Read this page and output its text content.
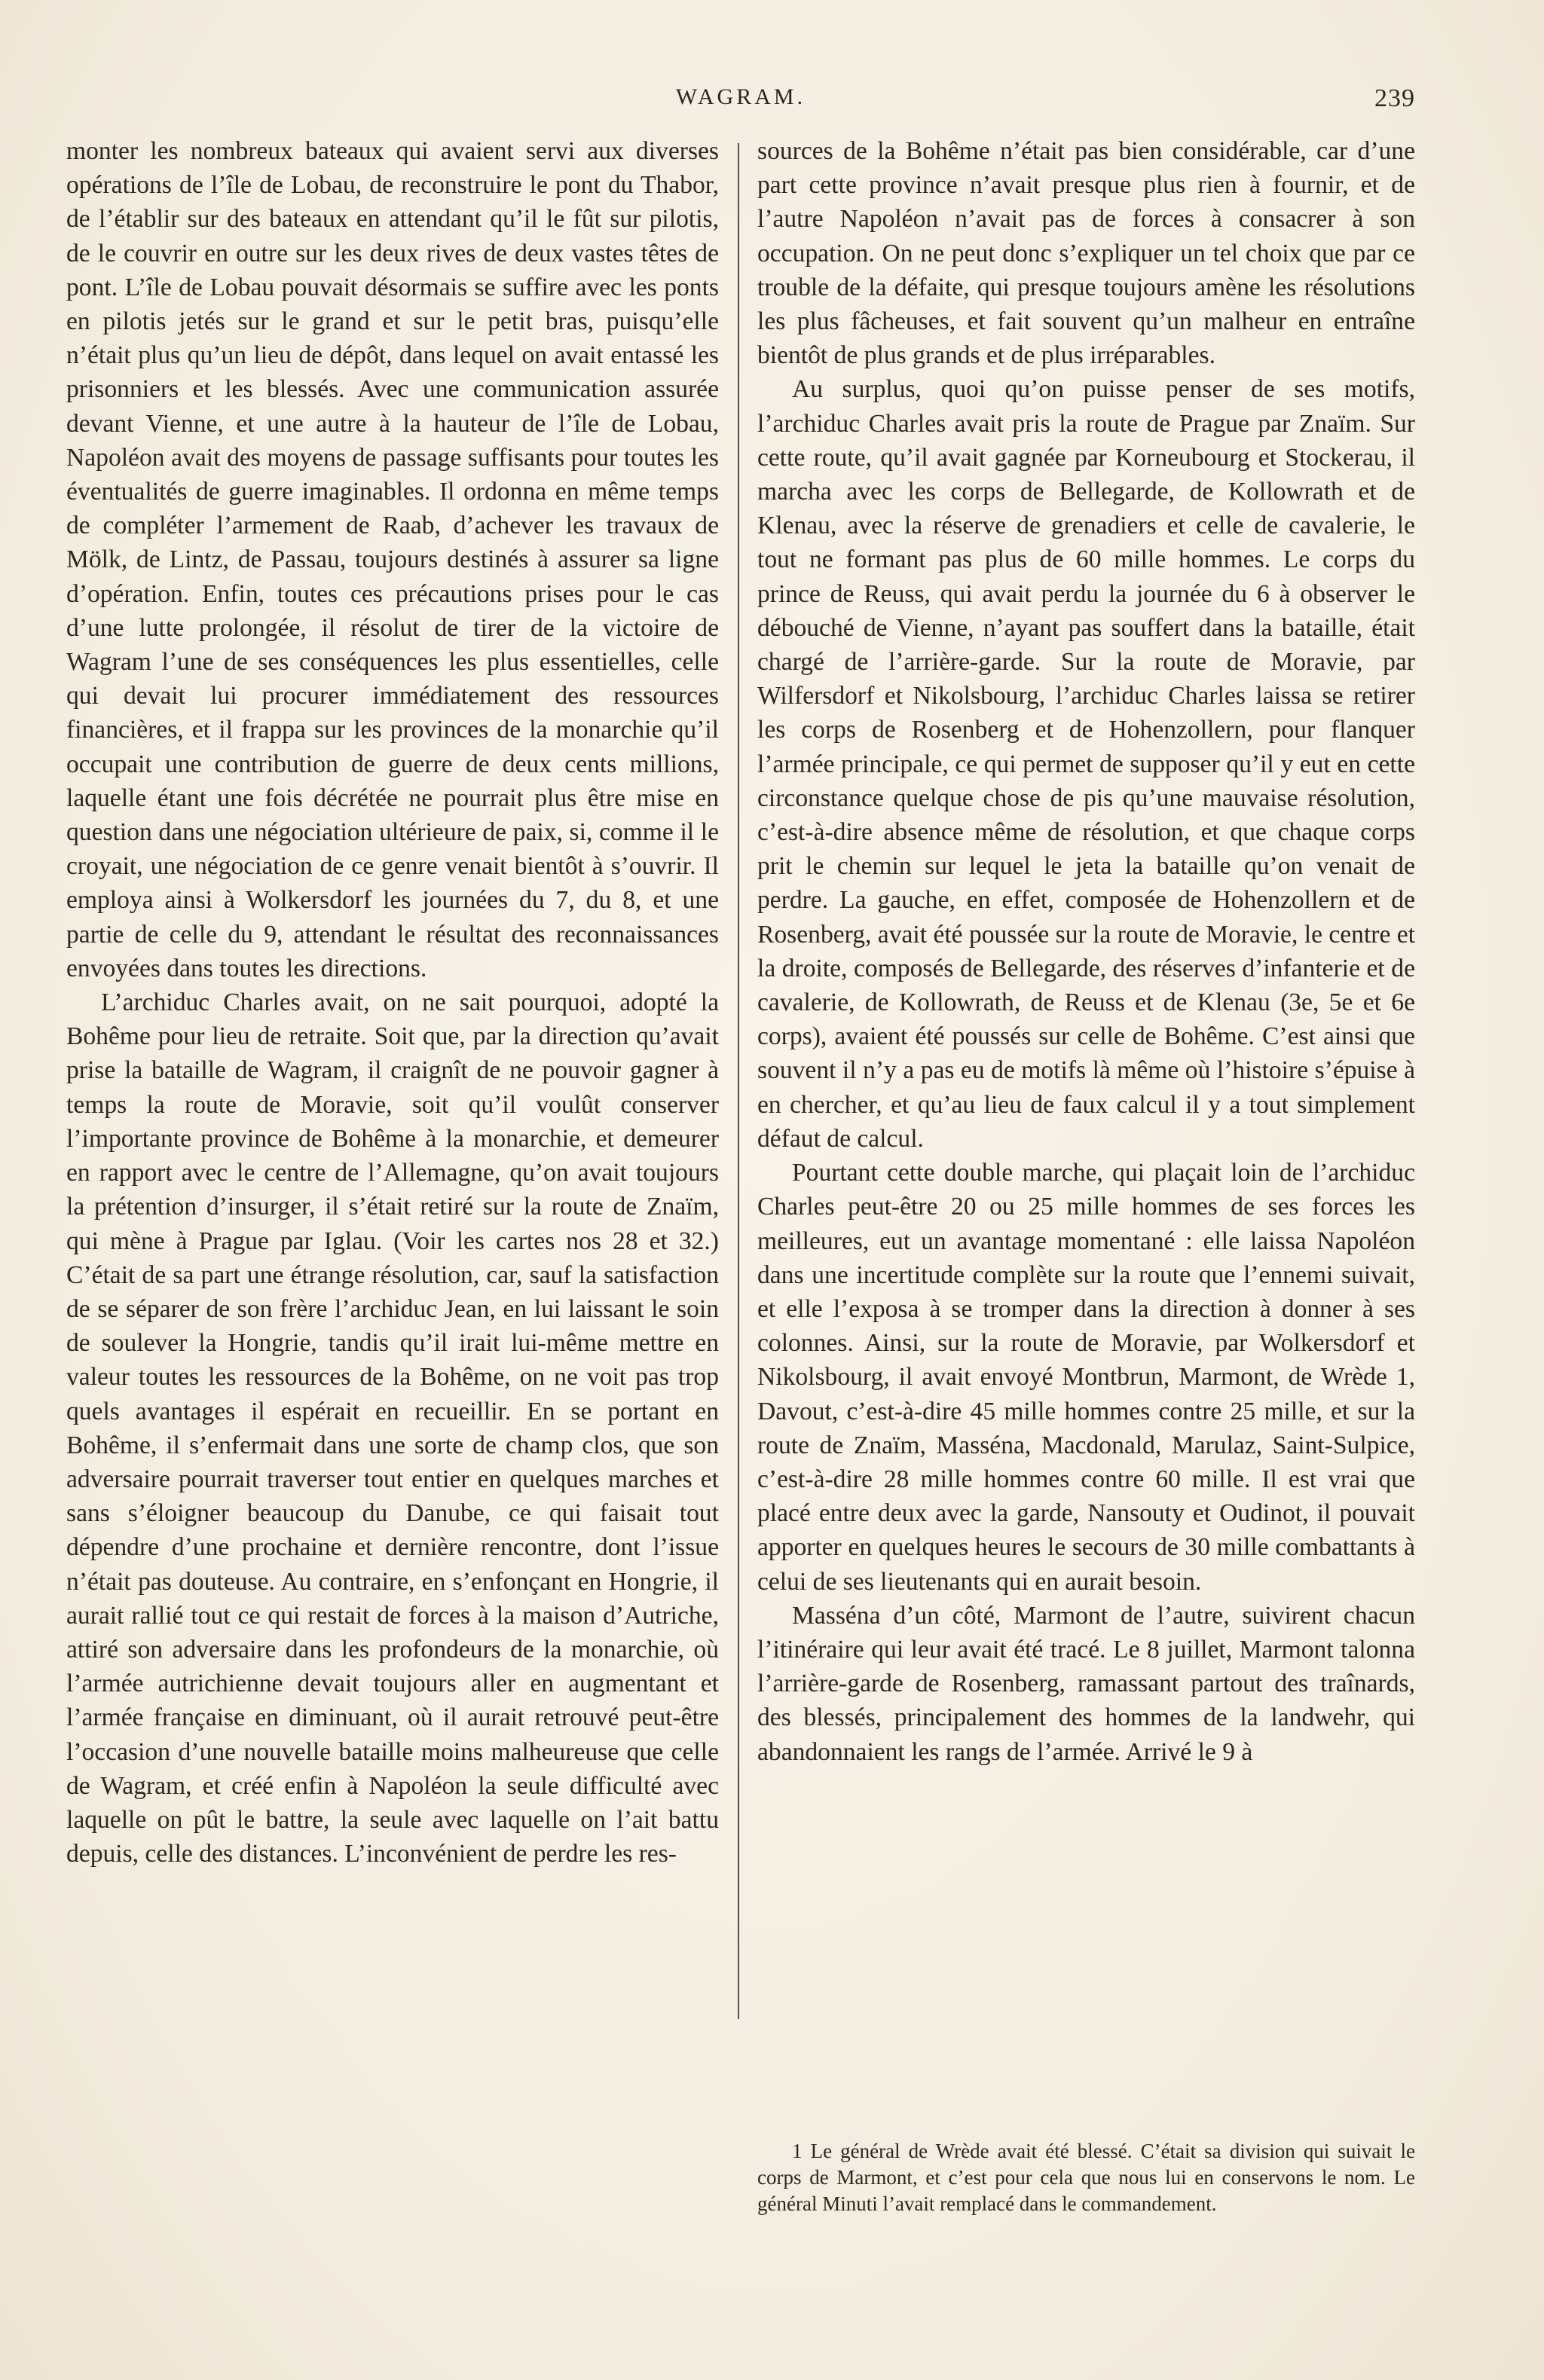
WAGRAM.	239

monter les nombreux bateaux qui avaient servi aux diverses opérations de l’île de Lobau, de reconstruire le pont du Thabor, de l’établir sur des bateaux en attendant qu’il le fût sur pilotis, de le couvrir en outre sur les deux rives de deux vastes têtes de pont. L’île de Lobau pouvait désormais se suffire avec les ponts en pilotis jetés sur le grand et sur le petit bras, puisqu’elle n’était plus qu’un lieu de dépôt, dans lequel on avait entassé les prisonniers et les blessés. Avec une communication assurée devant Vienne, et une autre à la hauteur de l’île de Lobau, Napoléon avait des moyens de passage suffisants pour toutes les éventualités de guerre imaginables. Il ordonna en même temps de compléter l’armement de Raab, d’achever les travaux de Mölk, de Lintz, de Passau, toujours destinés à assurer sa ligne d’opération. Enfin, toutes ces précautions prises pour le cas d’une lutte prolongée, il résolut de tirer de la victoire de Wagram l’une de ses conséquences les plus essentielles, celle qui devait lui procurer immédiatement des ressources financières, et il frappa sur les provinces de la monarchie qu’il occupait une contribution de guerre de deux cents millions, laquelle étant une fois décrétée ne pourrait plus être mise en question dans une négociation ultérieure de paix, si, comme il le croyait, une négociation de ce genre venait bientôt à s’ouvrir. Il employa ainsi à Wolkersdorf les journées du 7, du 8, et une partie de celle du 9, attendant le résultat des reconnaissances envoyées dans toutes les directions.

L’archiduc Charles avait, on ne sait pourquoi, adopté la Bohême pour lieu de retraite. Soit que, par la direction qu’avait prise la bataille de Wagram, il craignît de ne pouvoir gagner à temps la route de Moravie, soit qu’il voulût conserver l’importante province de Bohême à la monarchie, et demeurer en rapport avec le centre de l’Allemagne, qu’on avait toujours la prétention d’insurger, il s’était retiré sur la route de Znaïm, qui mène à Prague par Iglau. (Voir les cartes nos 28 et 32.) C’était de sa part une étrange résolution, car, sauf la satisfaction de se séparer de son frère l’archiduc Jean, en lui laissant le soin de soulever la Hongrie, tandis qu’il irait lui-même mettre en valeur toutes les ressources de la Bohême, on ne voit pas trop quels avantages il espérait en recueillir. En se portant en Bohême, il s’enfermait dans une sorte de champ clos, que son adversaire pourrait traverser tout entier en quelques marches et sans s’éloigner beaucoup du Danube, ce qui faisait tout dépendre d’une prochaine et dernière rencontre, dont l’issue n’était pas douteuse. Au contraire, en s’enfonçant en Hongrie, il aurait rallié tout ce qui restait de forces à la maison d’Autriche, attiré son adversaire dans les profondeurs de la monarchie, où l’armée autrichienne devait toujours aller en augmentant et l’armée française en diminuant, où il aurait retrouvé peut-être l’occasion d’une nouvelle bataille moins malheureuse que celle de Wagram, et créé enfin à Napoléon la seule difficulté avec laquelle on pût le battre, la seule avec laquelle on l’ait battu depuis, celle des distances. L’inconvénient de perdre les res-

sources de la Bohême n’était pas bien considérable, car d’une part cette province n’avait presque plus rien à fournir, et de l’autre Napoléon n’avait pas de forces à consacrer à son occupation. On ne peut donc s’expliquer un tel choix que par ce trouble de la défaite, qui presque toujours amène les résolutions les plus fâcheuses, et fait souvent qu’un malheur en entraîne bientôt de plus grands et de plus irréparables.

Au surplus, quoi qu’on puisse penser de ses motifs, l’archiduc Charles avait pris la route de Prague par Znaïm. Sur cette route, qu’il avait gagnée par Korneubourg et Stockerau, il marcha avec les corps de Bellegarde, de Kollowrath et de Klenau, avec la réserve de grenadiers et celle de cavalerie, le tout ne formant pas plus de 60 mille hommes. Le corps du prince de Reuss, qui avait perdu la journée du 6 à observer le débouché de Vienne, n’ayant pas souffert dans la bataille, était chargé de l’arrière-garde. Sur la route de Moravie, par Wilfersdorf et Nikolsbourg, l’archiduc Charles laissa se retirer les corps de Rosenberg et de Hohenzollern, pour flanquer l’armée principale, ce qui permet de supposer qu’il y eut en cette circonstance quelque chose de pis qu’une mauvaise résolution, c’est-à-dire absence même de résolution, et que chaque corps prit le chemin sur lequel le jeta la bataille qu’on venait de perdre. La gauche, en effet, composée de Hohenzollern et de Rosenberg, avait été poussée sur la route de Moravie, le centre et la droite, composés de Bellegarde, des réserves d’infanterie et de cavalerie, de Kollowrath, de Reuss et de Klenau (3e, 5e et 6e corps), avaient été poussés sur celle de Bohême. C’est ainsi que souvent il n’y a pas eu de motifs là même où l’histoire s’épuise à en chercher, et qu’au lieu de faux calcul il y a tout simplement défaut de calcul.

Pourtant cette double marche, qui plaçait loin de l’archiduc Charles peut-être 20 ou 25 mille hommes de ses forces les meilleures, eut un avantage momentané : elle laissa Napoléon dans une incertitude complète sur la route que l’ennemi suivait, et elle l’exposa à se tromper dans la direction à donner à ses colonnes. Ainsi, sur la route de Moravie, par Wolkersdorf et Nikolsbourg, il avait envoyé Montbrun, Marmont, de Wrède 1, Davout, c’est-à-dire 45 mille hommes contre 25 mille, et sur la route de Znaïm, Masséna, Macdonald, Marulaz, Saint-Sulpice, c’est-à-dire 28 mille hommes contre 60 mille. Il est vrai que placé entre deux avec la garde, Nansouty et Oudinot, il pouvait apporter en quelques heures le secours de 30 mille combattants à celui de ses lieutenants qui en aurait besoin.

Masséna d’un côté, Marmont de l’autre, suivirent chacun l’itinéraire qui leur avait été tracé. Le 8 juillet, Marmont talonna l’arrière-garde de Rosenberg, ramassant partout des traînards, des blessés, principalement des hommes de la landwehr, qui abandonnaient les rangs de l’armée. Arrivé le 9 à

1 Le général de Wrède avait été blessé. C’était sa division qui suivait le corps de Marmont, et c’est pour cela que nous lui en conservons le nom. Le général Minuti l’avait remplacé dans le commandement.
